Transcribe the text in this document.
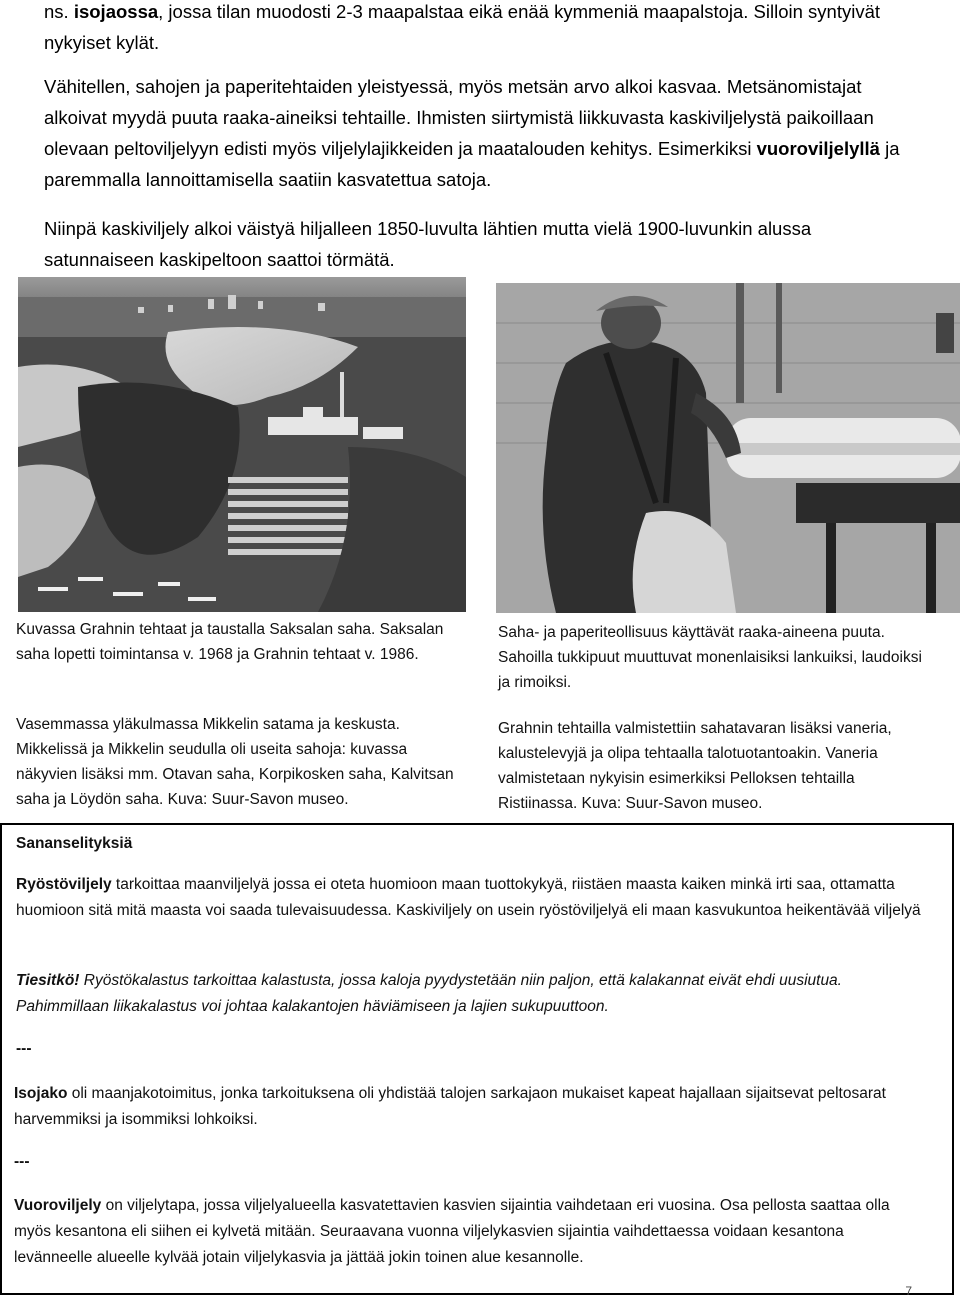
ns. isojaossa, jossa tilan muodosti 2-3 maapalstaa eikä enää kymmeniä maapalstoja. Silloin syntyivät nykyiset kylät.

Vähitellen, sahojen ja paperitehtaiden yleistyessä, myös metsän arvo alkoi kasvaa. Metsänomistajat alkoivat myydä puuta raaka-aineiksi tehtaille. Ihmisten siirtymistä liikkuvasta kaskiviljelystä paikoillaan olevaan peltoviljelyyn edisti myös viljelylajikkeiden ja maatalouden kehitys. Esimerkiksi vuoroviljelyllä ja paremmalla lannoittamisella saatiin kasvatettua satoja.

Niinpä kaskiviljely alkoi väistyä hiljalleen 1850-luvulta lähtien mutta vielä 1900-luvunkin alussa satunnaiseen kaskipeltoon saattoi törmätä.

Kuvassa Grahnin tehtaat ja taustalla Saksalan saha. Saksalan saha lopetti toimintansa v. 1968 ja Grahnin tehtaat v. 1986.

Vasemmassa yläkulmassa Mikkelin satama ja keskusta. Mikkelissä ja Mikkelin seudulla oli useita sahoja: kuvassa näkyvien lisäksi mm. Otavan saha, Korpikosken saha, Kalvitsan saha ja Löydön saha. Kuva: Suur-Savon museo.

Saha- ja paperiteollisuus käyttävät raaka-aineena puuta. Sahoilla tukkipuut muuttuvat monenlaisiksi lankuiksi, laudoiksi ja rimoiksi.

Grahnin tehtailla valmistettiin sahatavaran lisäksi vaneria, kalustelevyjä ja olipa tehtaalla talotuotantoakin. Vaneria valmistetaan nykyisin esimerkiksi Pelloksen tehtailla Ristiinassa. Kuva: Suur-Savon museo.

Sananselityksiä

Ryöstöviljely tarkoittaa maanviljelyä jossa ei oteta huomioon maan tuottokykyä, riistäen maasta kaiken minkä irti saa, ottamatta huomioon sitä mitä maasta voi saada tulevaisuudessa. Kaskiviljely on usein ryöstöviljelyä eli maan kasvukuntoa heikentävää viljelyä

Tiesitkö! Ryöstökalastus tarkoittaa kalastusta, jossa kaloja pyydystetään niin paljon, että kalakannat eivät ehdi uusiutua. Pahimmillaan liikakalastus voi johtaa kalakantojen häviämiseen ja lajien sukupuuttoon.

---

Isojako oli maanjakotoimitus, jonka tarkoituksena oli yhdistää talojen sarkajaon mukaiset kapeat hajallaan sijaitsevat peltosarat harvemmiksi ja isommiksi lohkoiksi.

---

Vuoroviljely on viljelytapa, jossa viljelyalueella kasvatettavien kasvien sijaintia vaihdetaan eri vuosina. Osa pellosta saattaa olla myös kesantona eli siihen ei kylvetä mitään. Seuraavana vuonna viljelykasvien sijaintia vaihdettaessa voidaan kesantona levänneelle alueelle kylvää jotain viljelykasvia ja jättää jokin toinen alue kesannolle.

7
